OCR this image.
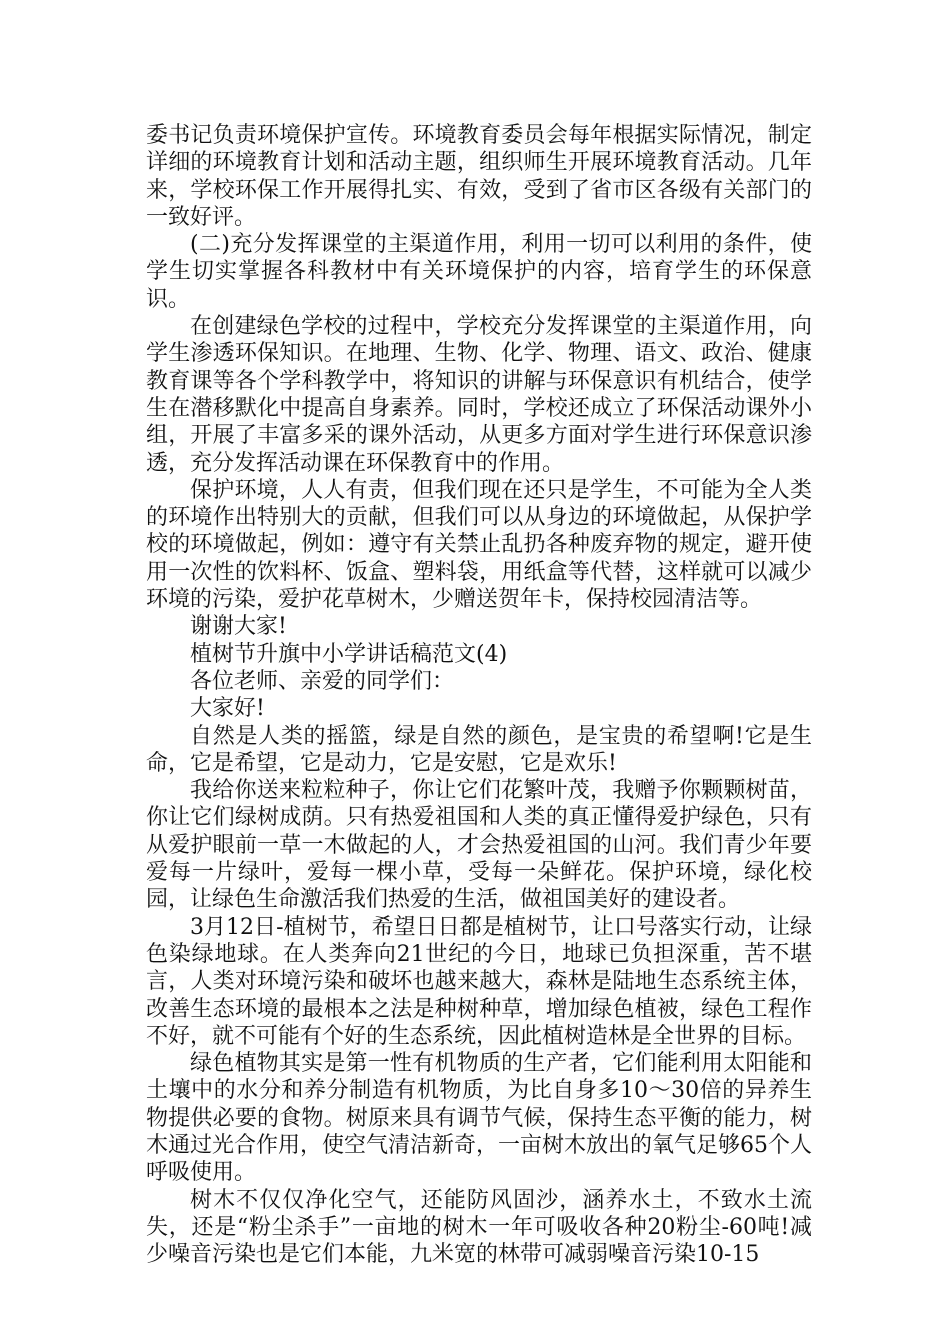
委书记负责环境保护宣传。环境教育委员会每年根据实际情况，制定详细的环境教育计划和活动主题，组织师生开展环境教育活动。几年来，学校环保工作开展得扎实、有效，受到了省市区各级有关部门的一致好评。

(二)充分发挥课堂的主渠道作用，利用一切可以利用的条件，使学生切实掌握各科教材中有关环境保护的内容，培育学生的环保意识。

在创建绿色学校的过程中，学校充分发挥课堂的主渠道作用，向学生渗透环保知识。在地理、生物、化学、物理、语文、政治、健康教育课等各个学科教学中，将知识的讲解与环保意识有机结合，使学生在潜移默化中提高自身素养。同时，学校还成立了环保活动课外小组，开展了丰富多采的课外活动，从更多方面对学生进行环保意识渗透，充分发挥活动课在环保教育中的作用。

保护环境，人人有责，但我们现在还只是学生，不可能为全人类的环境作出特别大的贡献，但我们可以从身边的环境做起，从保护学校的环境做起，例如：遵守有关禁止乱扔各种废弃物的规定，避开使用一次性的饮料杯、饭盒、塑料袋，用纸盒等代替，这样就可以减少环境的污染，爱护花草树木，少赠送贺年卡，保持校园清洁等。

谢谢大家!

植树节升旗中小学讲话稿范文(4)

各位老师、亲爱的同学们：

大家好!

自然是人类的摇篮，绿是自然的颜色，是宝贵的希望啊!它是生命，它是希望，它是动力，它是安慰，它是欢乐!

我给你送来粒粒种子，你让它们花繁叶茂，我赠予你颗颗树苗，你让它们绿树成荫。只有热爱祖国和人类的真正懂得爱护绿色，只有从爱护眼前一草一木做起的人，才会热爱祖国的山河。我们青少年要爱每一片绿叶，爱每一棵小草，受每一朵鲜花。保护环境，绿化校园，让绿色生命激活我们热爱的生活，做祖国美好的建设者。

3月12日-植树节，希望日日都是植树节，让口号落实行动，让绿色染绿地球。在人类奔向21世纪的今日，地球已负担深重，苦不堪言，人类对环境污染和破坏也越来越大，森林是陆地生态系统主体，改善生态环境的最根本之法是种树种草，增加绿色植被，绿色工程作不好，就不可能有个好的生态系统，因此植树造林是全世界的目标。

绿色植物其实是第一性有机物质的生产者，它们能利用太阳能和土壤中的水分和养分制造有机物质，为比自身多10～30倍的异养生物提供必要的食物。树原来具有调节气候，保持生态平衡的能力，树木通过光合作用，使空气清洁新奇，一亩树木放出的氧气足够65个人呼吸使用。

树木不仅仅净化空气，还能防风固沙，涵养水土，不致水土流失，还是“粉尘杀手”一亩地的树木一年可吸收各种20粉尘-60吨!减少噪音污染也是它们本能，九米宽的林带可减弱噪音污染10-15
